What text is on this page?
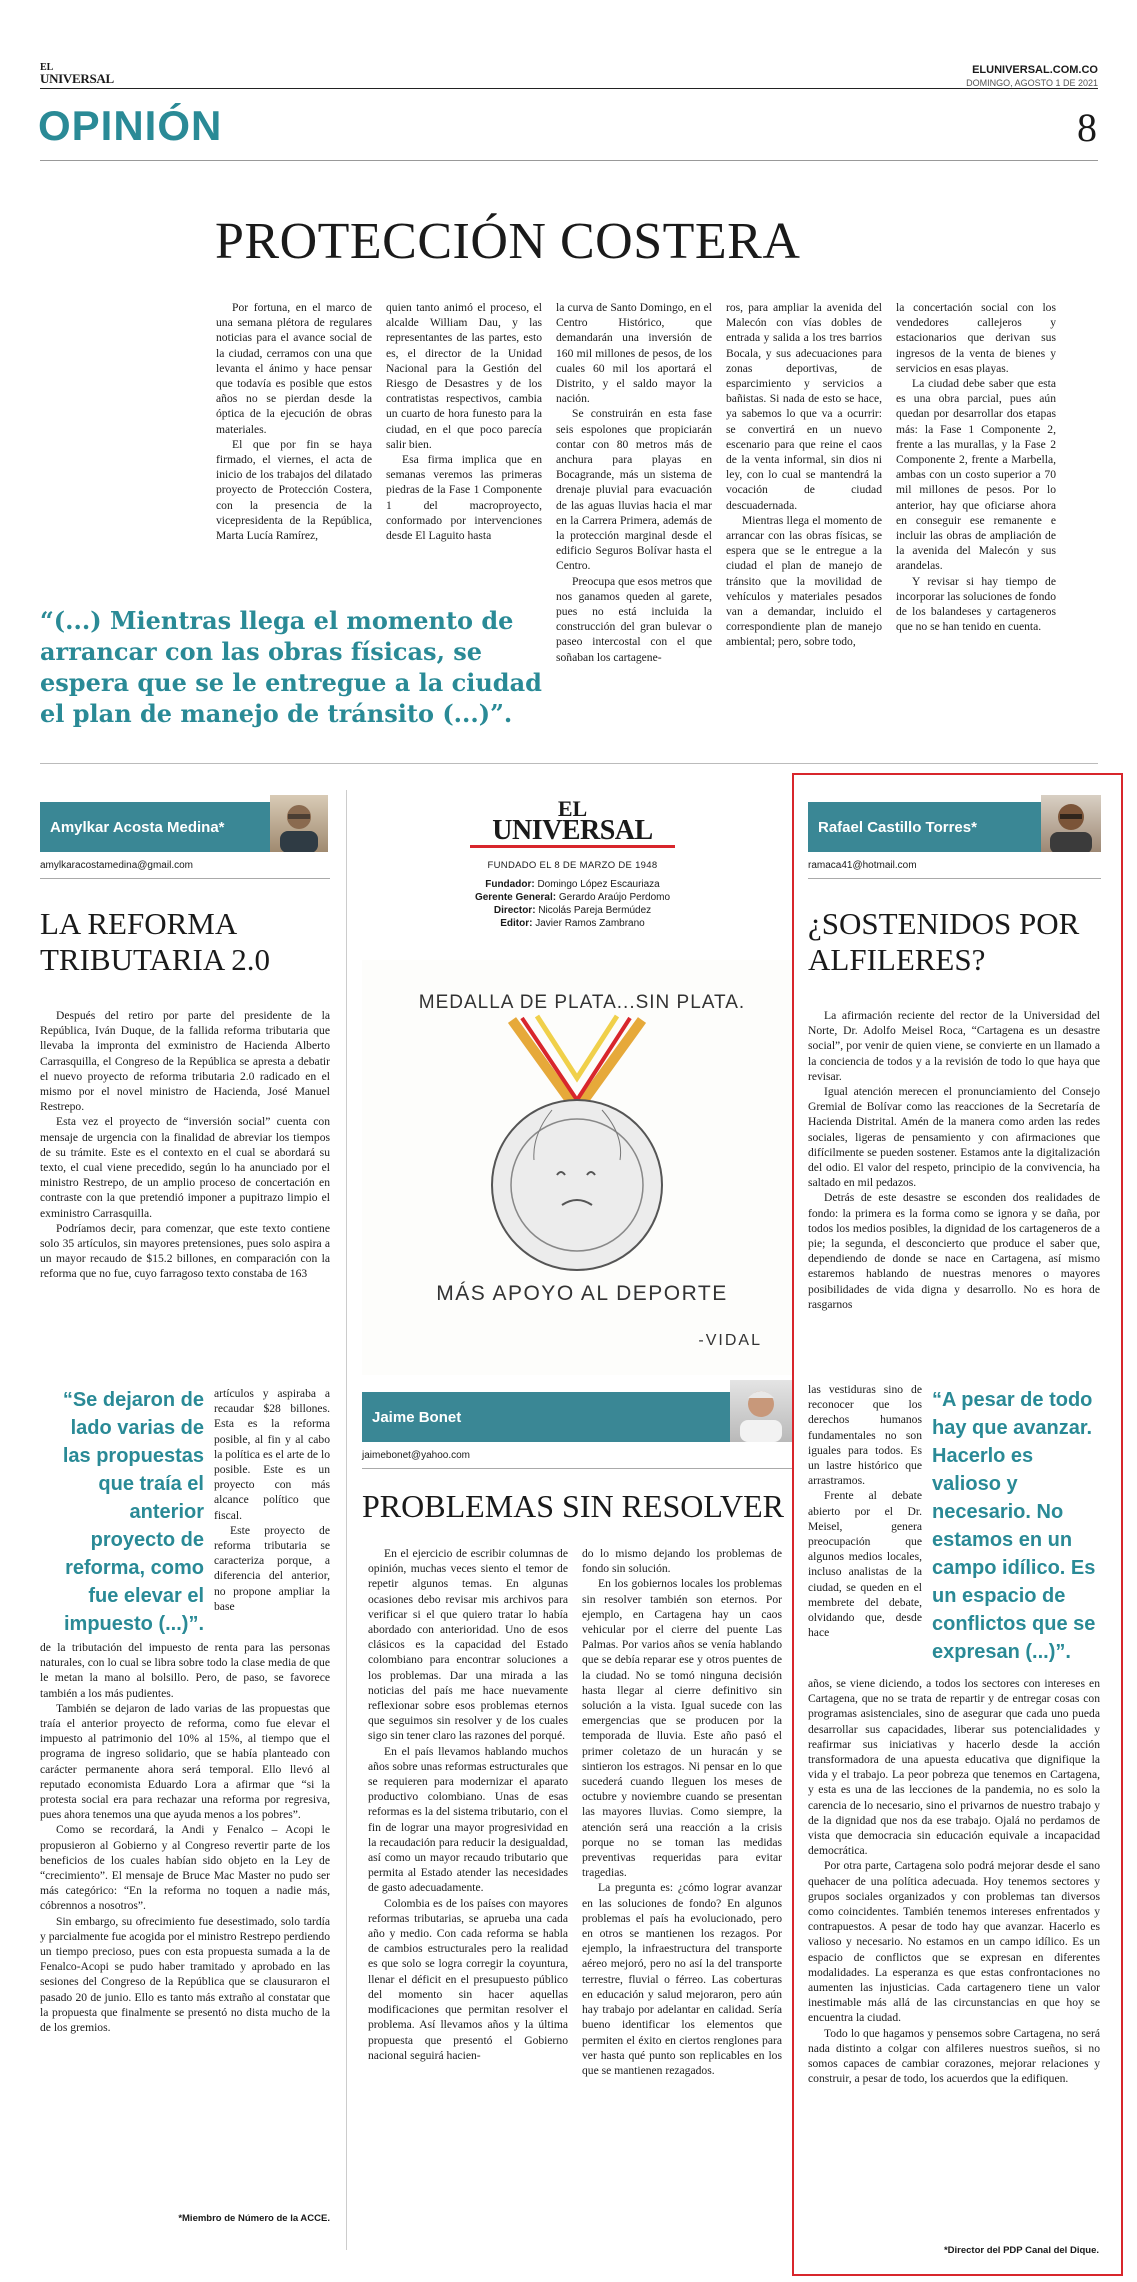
EL
UNIVERSAL
ELUNIVERSAL.COM.CO
DOMINGO, AGOSTO 1 DE 2021
OPINIÓN	8
PROTECCIÓN COSTERA

Por fortuna, en el marco de una semana plétora de regulares noticias para el avance social de la ciudad, cerramos con una que levanta el ánimo y hace pensar que todavía es posible que estos años no se pierdan desde la óptica de la ejecución de obras materiales.

El que por fin se haya firmado, el viernes, el acta de inicio de los trabajos del dilatado proyecto de Protección Costera, con la presencia de la vicepresidenta de la República, Marta Lucía Ramírez,

quien tanto animó el proceso, el alcalde William Dau, y las representantes de las partes, esto es, el director de la Unidad Nacional para la Gestión del Riesgo de Desastres y de los contratistas respectivos, cambia un cuarto de hora funesto para la ciudad, en el que poco parecía salir bien.

Esa firma implica que en semanas veremos las primeras piedras de la Fase 1 Componente 1 del macroproyecto, conformado por intervenciones desde El Laguito hasta

la curva de Santo Domingo, en el Centro Histórico, que demandarán una inversión de 160 mil millones de pesos, de los cuales 60 mil los aportará el Distrito, y el saldo mayor la nación.

Se construirán en esta fase seis espolones que propiciarán contar con 80 metros más de anchura para playas en Bocagrande, más un sistema de drenaje pluvial para evacuación de las aguas lluvias hacia el mar en la Carrera Primera, además de la protección marginal desde el edificio Seguros Bolívar hasta el Centro.

Preocupa que esos metros que nos ganamos queden al garete, pues no está incluida la construcción del gran bulevar o paseo intercostal con el que soñaban los cartagene-

ros, para ampliar la avenida del Malecón con vías dobles de entrada y salida a los tres barrios Bocala, y sus adecuaciones para zonas deportivas, de esparcimiento y servicios a bañistas. Si nada de esto se hace, ya sabemos lo que va a ocurrir: se convertirá en un nuevo escenario para que reine el caos de la venta informal, sin dios ni ley, con lo cual se mantendrá la vocación de ciudad descuadernada.

Mientras llega el momento de arrancar con las obras físicas, se espera que se le entregue a la ciudad el plan de manejo de tránsito que la movilidad de vehículos y materiales pesados van a demandar, incluido el correspondiente plan de manejo ambiental; pero, sobre todo,

la concertación social con los vendedores callejeros y estacionarios que derivan sus ingresos de la venta de bienes y servicios en esas playas.

La ciudad debe saber que esta es una obra parcial, pues aún quedan por desarrollar dos etapas más: la Fase 1 Componente 2, frente a las murallas, y la Fase 2 Componente 2, frente a Marbella, ambas con un costo superior a 70 mil millones de pesos. Por lo anterior, hay que oficiarse ahora en conseguir ese remanente e incluir las obras de ampliación de la avenida del Malecón y sus arandelas.

Y revisar si hay tiempo de incorporar las soluciones de fondo de los balandeses y cartageneros que no se han tenido en cuenta.

“(...) Mientras llega el momento de arrancar con las obras físicas, se espera que se le entregue a la ciudad el plan de manejo de tránsito (...)”.
Amylkar Acosta Medina*
amylkaracostamedina@gmail.com
LA REFORMA
TRIBUTARIA 2.0

Después del retiro por parte del presidente de la República, Iván Duque, de la fallida reforma tributaria que llevaba la impronta del exministro de Hacienda Alberto Carrasquilla, el Congreso de la República se apresta a debatir el nuevo proyecto de reforma tributaria 2.0 radicado en el mismo por el novel ministro de Hacienda, José Manuel Restrepo.

Esta vez el proyecto de “inversión social” cuenta con mensaje de urgencia con la finalidad de abreviar los tiempos de su trámite. Este es el contexto en el cual se abordará su texto, el cual viene precedido, según lo ha anunciado por el ministro Restrepo, de un amplio proceso de concertación en contraste con la que pretendió imponer a pupitrazo limpio el exministro Carrasquilla.

Podríamos decir, para comenzar, que este texto contiene solo 35 artículos, sin mayores pretensiones, pues solo aspira a un mayor recaudo de $15.2 billones, en comparación con la reforma que no fue, cuyo farragoso texto constaba de 163

“Se dejaron de lado varias de las propuestas que traía el anterior proyecto de reforma, como fue elevar el impuesto (...)”.

artículos y aspiraba a recaudar $28 billones. Esta es la reforma posible, al fin y al cabo la política es el arte de lo posible. Este es un proyecto con más alcance político que fiscal.

Este proyecto de reforma tributaria se caracteriza porque, a diferencia del anterior, no propone ampliar la base

de la tributación del impuesto de renta para las personas naturales, con lo cual se libra sobre todo la clase media de que le metan la mano al bolsillo. Pero, de paso, se favorece también a los más pudientes.

También se dejaron de lado varias de las propuestas que traía el anterior proyecto de reforma, como fue elevar el impuesto al patrimonio del 10% al 15%, al tiempo que el programa de ingreso solidario, que se había planteado con carácter permanente ahora será temporal. Ello llevó al reputado economista Eduardo Lora a afirmar que “si la protesta social era para rechazar una reforma por regresiva, pues ahora tenemos una que ayuda menos a los pobres”.

Como se recordará, la Andi y Fenalco – Acopi le propusieron al Gobierno y al Congreso revertir parte de los beneficios de los cuales habían sido objeto en la Ley de “crecimiento”. El mensaje de Bruce Mac Master no pudo ser más categórico: “En la reforma no toquen a nadie más, cóbrennos a nosotros”.

Sin embargo, su ofrecimiento fue desestimado, solo tardía y parcialmente fue acogida por el ministro Restrepo perdiendo un tiempo precioso, pues con esta propuesta sumada a la de Fenalco-Acopi se pudo haber tramitado y aprobado en las sesiones del Congreso de la República que se clausuraron el pasado 20 de junio. Ello es tanto más extraño al constatar que la propuesta que finalmente se presentó no dista mucho de la de los gremios.

*Miembro de Número de la ACCE.
EL
UNIVERSAL
FUNDADO EL 8 DE MARZO DE 1948
Fundador: Domingo López Escauriaza
Gerente General: Gerardo Araújo Perdomo
Director: Nicolás Pareja Bermúdez
Editor: Javier Ramos Zambrano
MEDALLA DE PLATA...SIN PLATA.
MÁS APOYO AL DEPORTE
-VIDAL
Jaime Bonet
jaimebonet@yahoo.com
PROBLEMAS SIN RESOLVER

En el ejercicio de escribir columnas de opinión, muchas veces siento el temor de repetir algunos temas. En algunas ocasiones debo revisar mis archivos para verificar si el que quiero tratar lo había abordado con anterioridad. Uno de esos clásicos es la capacidad del Estado colombiano para encontrar soluciones a los problemas. Dar una mirada a las noticias del país me hace nuevamente reflexionar sobre esos problemas eternos que seguimos sin resolver y de los cuales sigo sin tener claro las razones del porqué.

En el país llevamos hablando muchos años sobre unas reformas estructurales que se requieren para modernizar el aparato productivo colombiano. Unas de esas reformas es la del sistema tributario, con el fin de lograr una mayor progresividad en la recaudación para reducir la desigualdad, así como un mayor recaudo tributario que permita al Estado atender las necesidades de gasto adecuadamente.

Colombia es de los países con mayores reformas tributarias, se aprueba una cada año y medio. Con cada reforma se habla de cambios estructurales pero la realidad es que solo se logra corregir la coyuntura, llenar el déficit en el presupuesto público del momento sin hacer aquellas modificaciones que permitan resolver el problema. Así llevamos años y la última propuesta que presentó el Gobierno nacional seguirá hacien-

do lo mismo dejando los problemas de fondo sin solución.

En los gobiernos locales los problemas sin resolver también son eternos. Por ejemplo, en Cartagena hay un caos vehicular por el cierre del puente Las Palmas. Por varios años se venía hablando que se debía reparar ese y otros puentes de la ciudad. No se tomó ninguna decisión hasta llegar al cierre definitivo sin solución a la vista. Igual sucede con las emergencias que se producen por la temporada de lluvia. Este año pasó el primer coletazo de un huracán y se sintieron los estragos. Ni pensar en lo que sucederá cuando lleguen los meses de octubre y noviembre cuando se presentan las mayores lluvias. Como siempre, la atención será una reacción a la crisis porque no se toman las medidas preventivas requeridas para evitar tragedias.

La pregunta es: ¿cómo lograr avanzar en las soluciones de fondo? En algunos problemas el país ha evolucionado, pero en otros se mantienen los rezagos. Por ejemplo, la infraestructura del transporte aéreo mejoró, pero no así la del transporte terrestre, fluvial o férreo. Las coberturas en educación y salud mejoraron, pero aún hay trabajo por adelantar en calidad. Sería bueno identificar los elementos que permiten el éxito en ciertos renglones para ver hasta qué punto son replicables en los que se mantienen rezagados.

Rafael Castillo Torres*
ramaca41@hotmail.com
¿SOSTENIDOS POR
ALFILERES?

La afirmación reciente del rector de la Universidad del Norte, Dr. Adolfo Meisel Roca, “Cartagena es un desastre social”, por venir de quien viene, se convierte en un llamado a la conciencia de todos y a la revisión de todo lo que haya que revisar.

Igual atención merecen el pronunciamiento del Consejo Gremial de Bolívar como las reacciones de la Secretaría de Hacienda Distrital. Amén de la manera como arden las redes sociales, ligeras de pensamiento y con afirmaciones que difícilmente se pueden sostener. Estamos ante la digitalización del odio. El valor del respeto, principio de la convivencia, ha saltado en mil pedazos.

Detrás de este desastre se esconden dos realidades de fondo: la primera es la forma como se ignora y se daña, por todos los medios posibles, la dignidad de los cartageneros de a pie; la segunda, el desconcierto que produce el saber que, dependiendo de donde se nace en Cartagena, así mismo estaremos hablando de nuestras menores o mayores posibilidades de vida digna y desarrollo. No es hora de rasgarnos

las vestiduras sino de reconocer que los derechos humanos fundamentales no son iguales para todos. Es un lastre histórico que arrastramos.

Frente al debate abierto por el Dr. Meisel, genera preocupación que algunos medios locales, incluso analistas de la ciudad, se queden en el membrete del debate, olvidando que, desde hace

“A pesar de todo hay que avanzar. Hacerlo es valioso y necesario. No estamos en un campo idílico. Es un espacio de conflictos que se expresan (...)”.

años, se viene diciendo, a todos los sectores con intereses en Cartagena, que no se trata de repartir y de entregar cosas con programas asistenciales, sino de asegurar que cada uno pueda desarrollar sus capacidades, liberar sus potencialidades y reafirmar sus iniciativas y hacerlo desde la acción transformadora de una apuesta educativa que dignifique la vida y el trabajo. La peor pobreza que tenemos en Cartagena, y esta es una de las lecciones de la pandemia, no es solo la carencia de lo necesario, sino el privarnos de nuestro trabajo y de la dignidad que nos da ese trabajo. Ojalá no perdamos de vista que democracia sin educación equivale a incapacidad democrática.

Por otra parte, Cartagena solo podrá mejorar desde el sano quehacer de una política adecuada. Hoy tenemos sectores y grupos sociales organizados y con problemas tan diversos como coincidentes. También tenemos intereses enfrentados y contrapuestos. A pesar de todo hay que avanzar. Hacerlo es valioso y necesario. No estamos en un campo idílico. Es un espacio de conflictos que se expresan en diferentes modalidades. La esperanza es que estas confrontaciones no aumenten las injusticias. Cada cartagenero tiene un valor inestimable más allá de las circunstancias en que hoy se encuentra la ciudad.

Todo lo que hagamos y pensemos sobre Cartagena, no será nada distinto a colgar con alfileres nuestros sueños, si no somos capaces de cambiar corazones, mejorar relaciones y construir, a pesar de todo, los acuerdos que la edifiquen.

*Director del PDP Canal del Dique.
